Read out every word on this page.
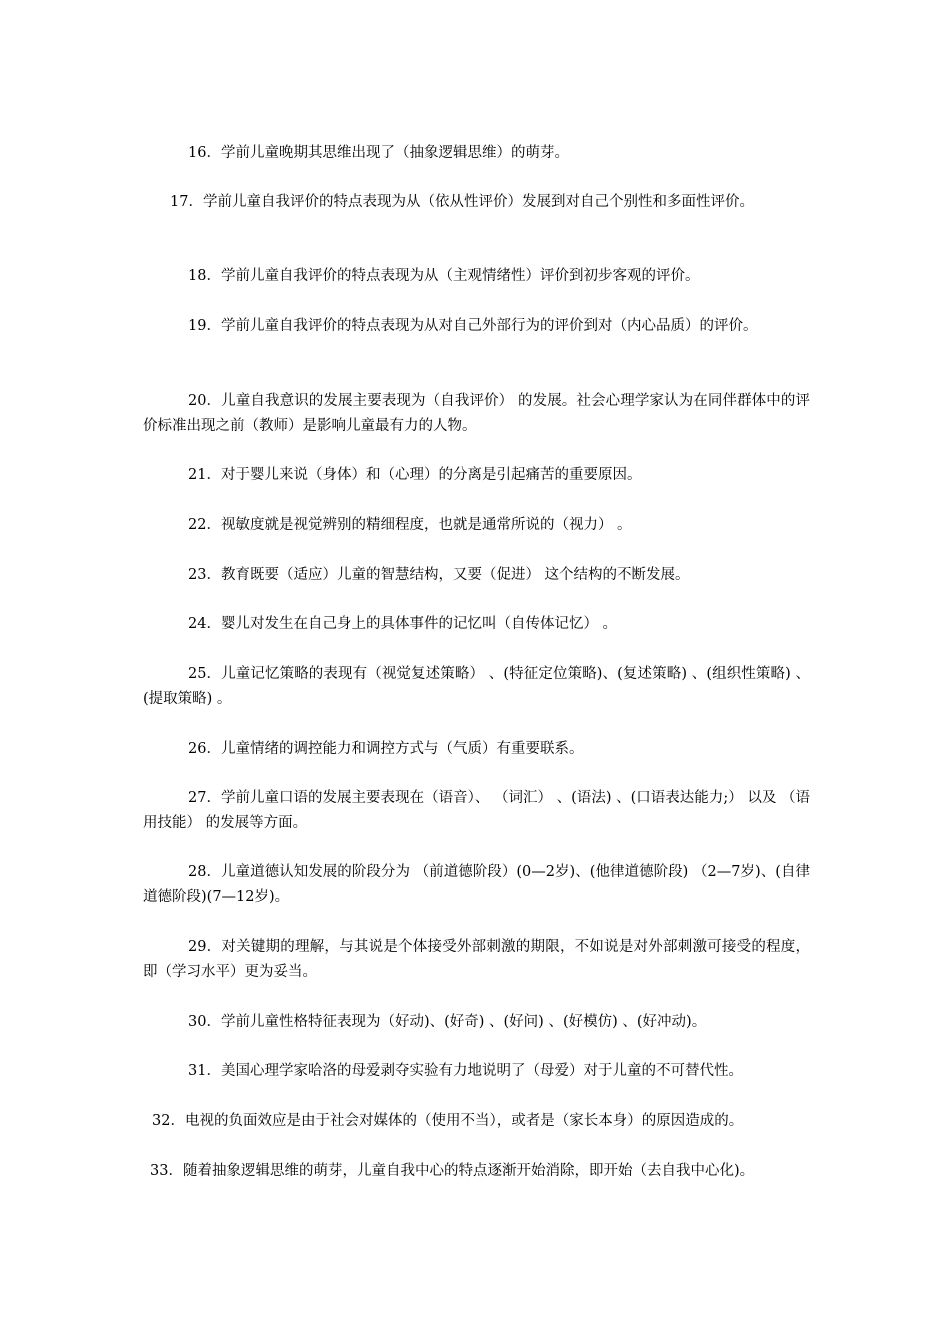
16．学前儿童晚期其思维出现了（抽象逻辑思维）的萌芽。

17．学前儿童自我评价的特点表现为从（依从性评价）发展到对自己个别性和多面性评价。

18．学前儿童自我评价的特点表现为从（主观情绪性）评价到初步客观的评价。

19．学前儿童自我评价的特点表现为从对自己外部行为的评价到对（内心品质）的评价。

20．儿童自我意识的发展主要表现为（自我评价） 的发展。社会心理学家认为在同伴群体中的评价标准出现之前（教师）是影响儿童最有力的人物。

21．对于婴儿来说（身体）和（心理）的分离是引起痛苦的重要原因。

22．视敏度就是视觉辨别的精细程度，也就是通常所说的（视力） 。

23．教育既要（适应）儿童的智慧结构，又要（促进） 这个结构的不断发展。

24．婴儿对发生在自己身上的具体事件的记忆叫（自传体记忆） 。

25．儿童记忆策略的表现有（视觉复述策略） 、(特征定位策略)、(复述策略) 、(组织性策略) 、(提取策略) 。

26．儿童情绪的调控能力和调控方式与（气质）有重要联系。

27．学前儿童口语的发展主要表现在（语音）、 （词汇） 、(语法) 、(口语表达能力;） 以及 （语用技能） 的发展等方面。

28．儿童道德认知发展的阶段分为 （前道德阶段）(0—2岁)、(他律道德阶段) （2—7岁)、(自律道德阶段)(7—12岁)。

29．对关键期的理解，与其说是个体接受外部刺激的期限，不如说是对外部刺激可接受的程度，即（学习水平）更为妥当。

30．学前儿童性格特征表现为（好动)、(好奇) 、(好问) 、(好模仿) 、(好冲动)。

31．美国心理学家哈洛的母爱剥夺实验有力地说明了（母爱）对于儿童的不可替代性。

32．电视的负面效应是由于社会对媒体的（使用不当），或者是（家长本身）的原因造成的。

33．随着抽象逻辑思维的萌芽，儿童自我中心的特点逐渐开始消除，即开始（去自我中心化)。
